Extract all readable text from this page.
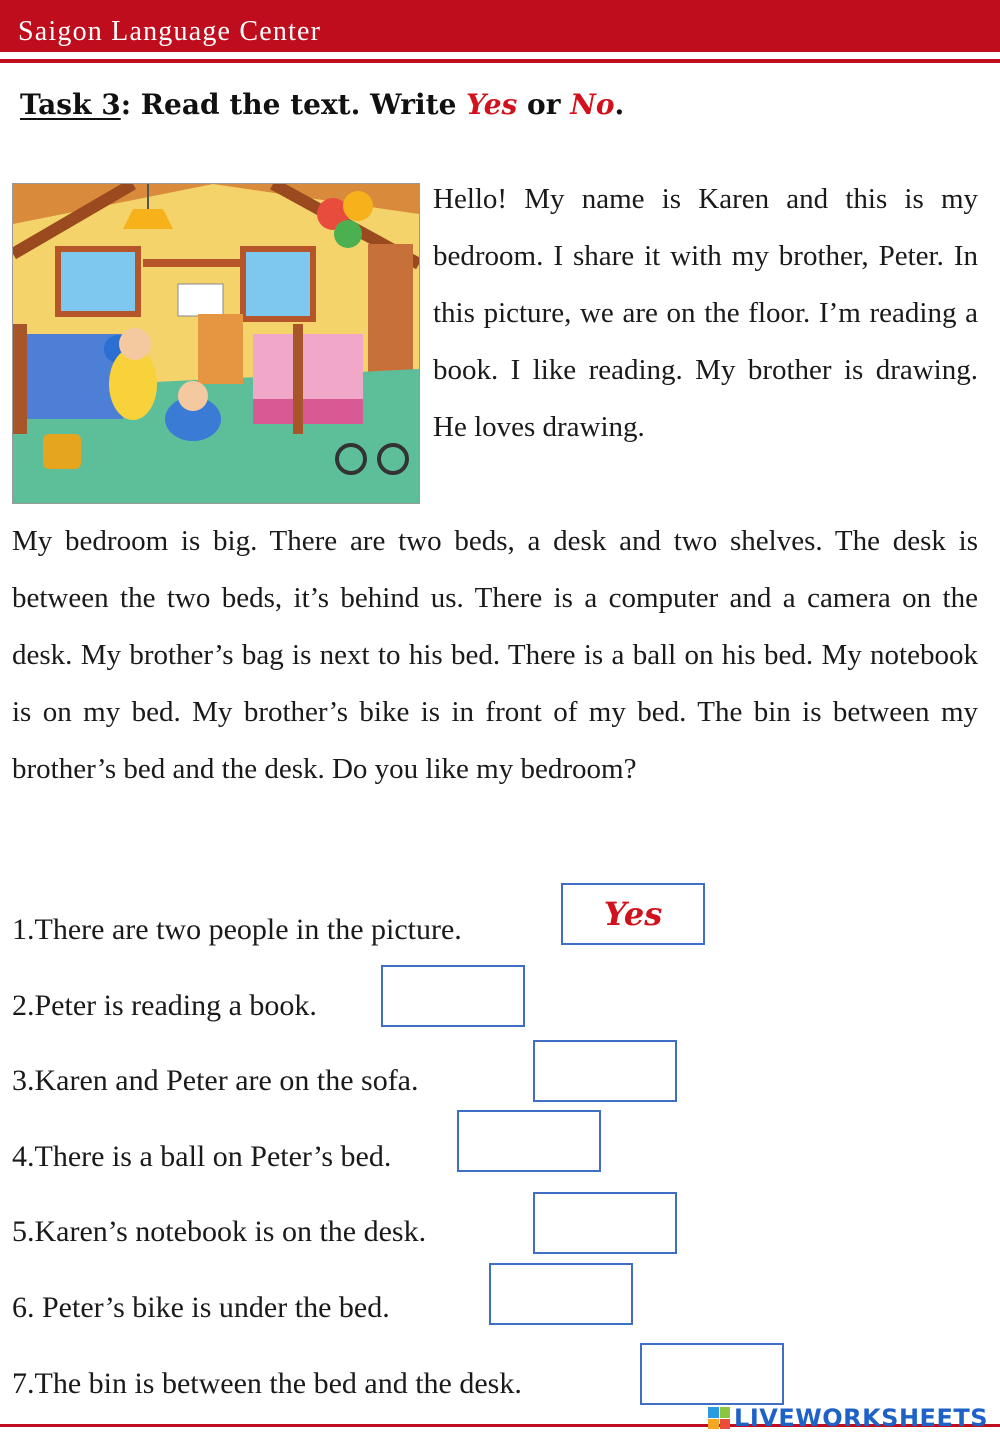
Saigon Language Center
Task 3: Read the text. Write Yes or No.
Hello! My name is Karen and this is my bedroom. I share it with my brother, Peter. In this picture, we are on the floor. I’m reading a book. I like reading. My brother is drawing. He loves drawing.
My bedroom is big. There are two beds, a desk and two shelves. The desk is between the two beds, it’s behind us. There is a computer and a camera on the desk. My brother’s bag is next to his bed. There is a ball on his bed. My notebook is on my bed. My brother’s bike is in front of my bed. The bin is between my brother’s bed and the desk. Do you like my bedroom?
1.There are two people in the picture.	Yes
2.Peter is reading a book.
3.Karen and Peter are on the sofa.
4.There is a ball on Peter’s bed.
5.Karen’s notebook is on the desk.
6. Peter’s bike is under the bed.
7.The bin is between the bed and the desk.
LIVEWORKSHEETS
